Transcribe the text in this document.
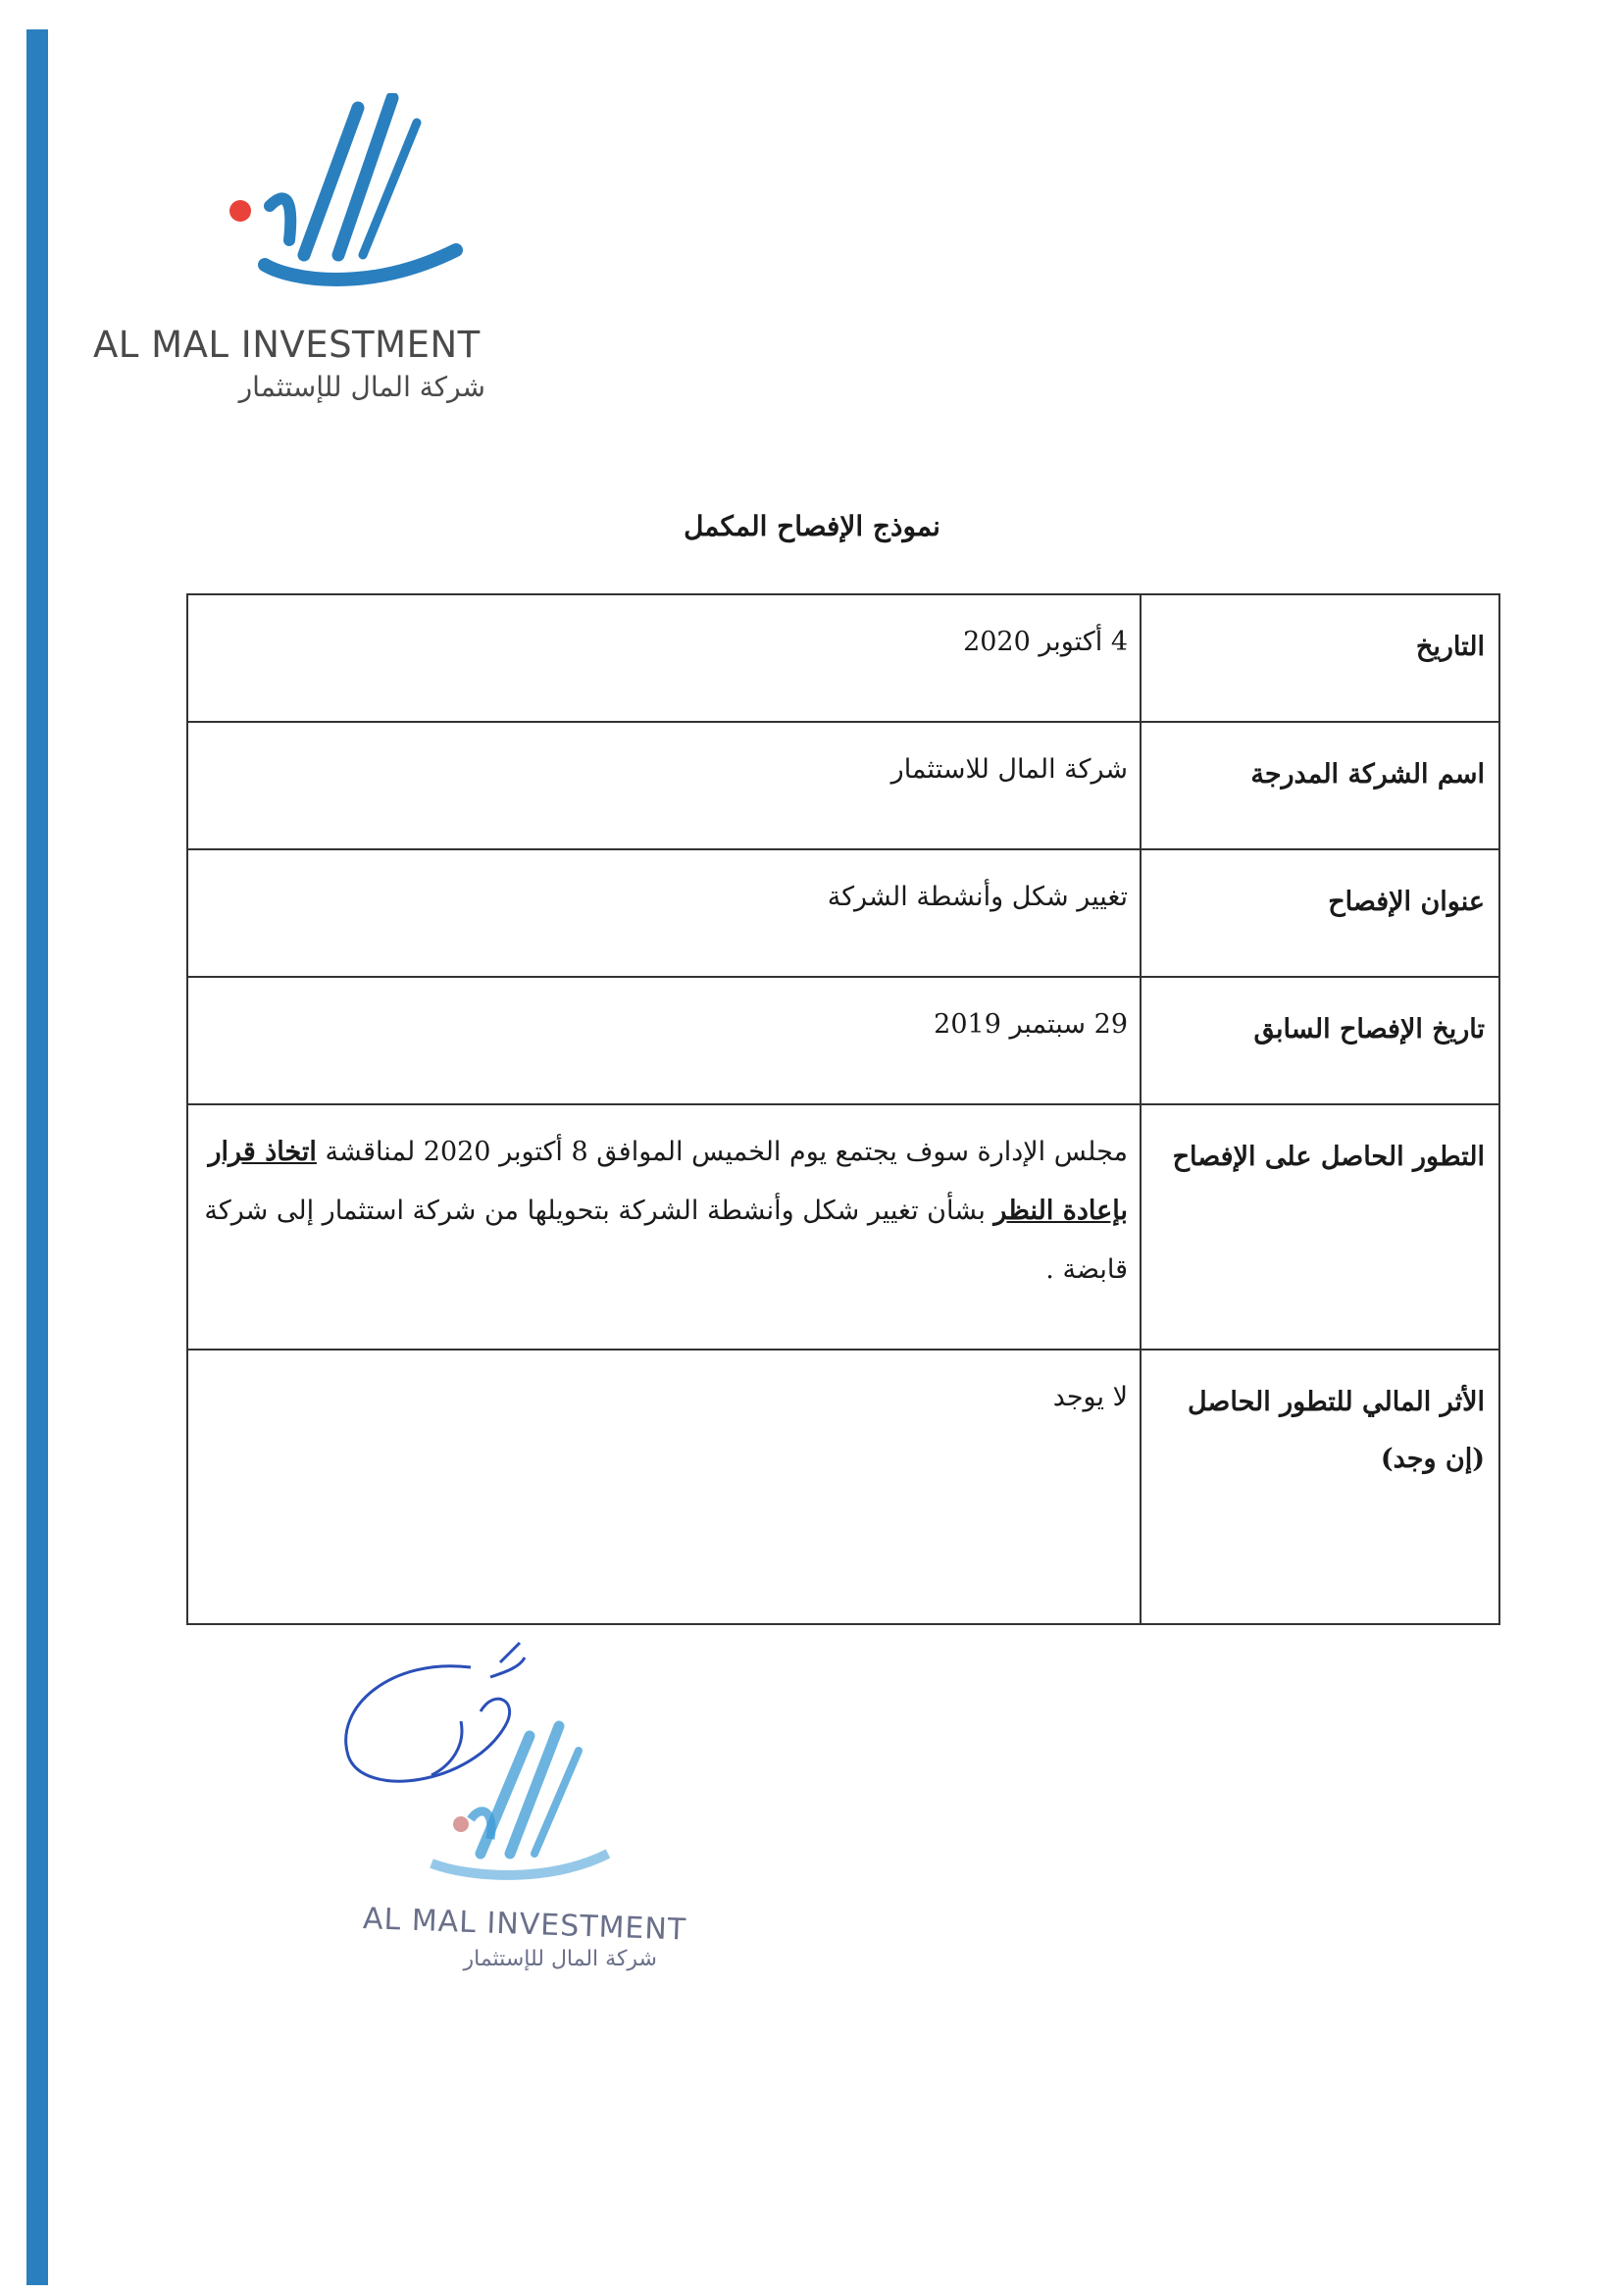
AL MAL INVESTMENT
شركة المال للإستثمار
نموذج الإفصاح المكمل
التاريخ	4 أكتوبر 2020
اسم الشركة المدرجة	شركة المال للاستثمار
عنوان الإفصاح	تغيير شكل وأنشطة الشركة
تاريخ الإفصاح السابق	29 سبتمبر 2019
التطور الحاصل على الإفصاح	مجلس الإدارة سوف يجتمع يوم الخميس الموافق 8 أكتوبر 2020 لمناقشة اتخاذ قرار بإعادة النظر بشأن تغيير شكل وأنشطة الشركة بتحويلها من شركة استثمار إلى شركة قابضة .
الأثر المالي للتطور الحاصل (إن وجد)	لا يوجد
AL MAL INVESTMENT
شركة المال للإستثمار
